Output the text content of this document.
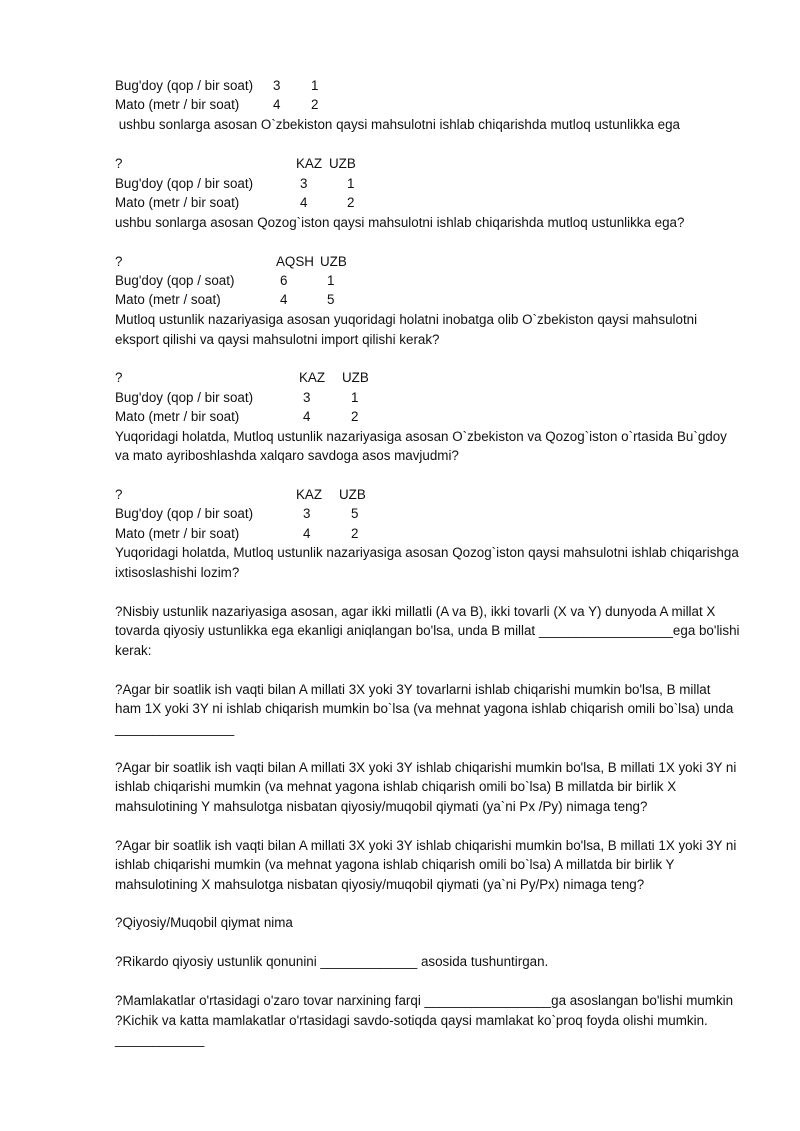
Bug'doy (qop / bir soat) 3 1
Mato (metr / bir soat)	4 2
ushbu sonlarga asosan O`zbekiston qaysi mahsulotni ishlab chiqarishda mutloq ustunlikka ega
?	KAZ UZB
Bug'doy (qop / bir soat)	3	1
Mato (metr / bir soat)	4	2
ushbu sonlarga asosan Qozog`iston qaysi mahsulotni ishlab chiqarishda mutloq ustunlikka ega?
?	AQSH UZB
Bug'doy (qop / soat)	6	1
Mato (metr / soat)	4	5
Mutloq ustunlik nazariyasiga asosan yuqoridagi holatni inobatga olib O`zbekiston qaysi mahsulotni
eksport qilishi va qaysi mahsulotni import qilishi kerak?
?	KAZ UZB
Bug'doy (qop / bir soat)	3	1
Mato (metr / bir soat)	4	2
Yuqoridagi holatda, Mutloq ustunlik nazariyasiga asosan O`zbekiston va Qozog`iston o`rtasida Bu`gdoy
va mato ayriboshlashda xalqaro savdoga asos mavjudmi?
?	KAZ UZB
Bug'doy (qop / bir soat)	3	5
Mato (metr / bir soat)	4	2
Yuqoridagi holatda, Mutloq ustunlik nazariyasiga asosan Qozog`iston qaysi mahsulotni ishlab chiqarishga
ixtisoslashishi lozim?
?Nisbiy ustunlik nazariyasiga asosan, agar ikki millatli (A va B), ikki tovarli (X va Y) dunyoda A millat X
tovarda qiyosiy ustunlikka ega ekanligi aniqlangan bo'lsa, unda B millat __________________ega bo'lishi
kerak:
?Agar bir soatlik ish vaqti bilan A millati 3X yoki 3Y tovarlarni ishlab chiqarishi mumkin bo'lsa, B millat
ham 1X yoki 3Y ni ishlab chiqarish mumkin bo`lsa (va mehnat yagona ishlab chiqarish omili bo`lsa) unda
________________
?Agar bir soatlik ish vaqti bilan A millati 3X yoki 3Y ishlab chiqarishi mumkin bo'lsa, B millati 1X yoki 3Y ni
ishlab chiqarishi mumkin (va mehnat yagona ishlab chiqarish omili bo`lsa) B millatda bir birlik X
mahsulotining Y mahsulotga nisbatan qiyosiy/muqobil qiymati (ya`ni Px /Py) nimaga teng?
?Agar bir soatlik ish vaqti bilan A millati 3X yoki 3Y ishlab chiqarishi mumkin bo'lsa, B millati 1X yoki 3Y ni
ishlab chiqarishi mumkin (va mehnat yagona ishlab chiqarish omili bo`lsa) A millatda bir birlik Y
mahsulotining X mahsulotga nisbatan qiyosiy/muqobil qiymati (ya`ni Py/Px) nimaga teng?
?Qiyosiy/Muqobil qiymat nima
?Rikardo qiyosiy ustunlik qonunini _____________ asosida tushuntirgan.
?Mamlakatlar o'rtasidagi o'zaro tovar narxining farqi _________________ga asoslangan bo'lishi mumkin
?Kichik va katta mamlakatlar o'rtasidagi savdo-sotiqda qaysi mamlakat ko`proq foyda olishi mumkin.
____________
